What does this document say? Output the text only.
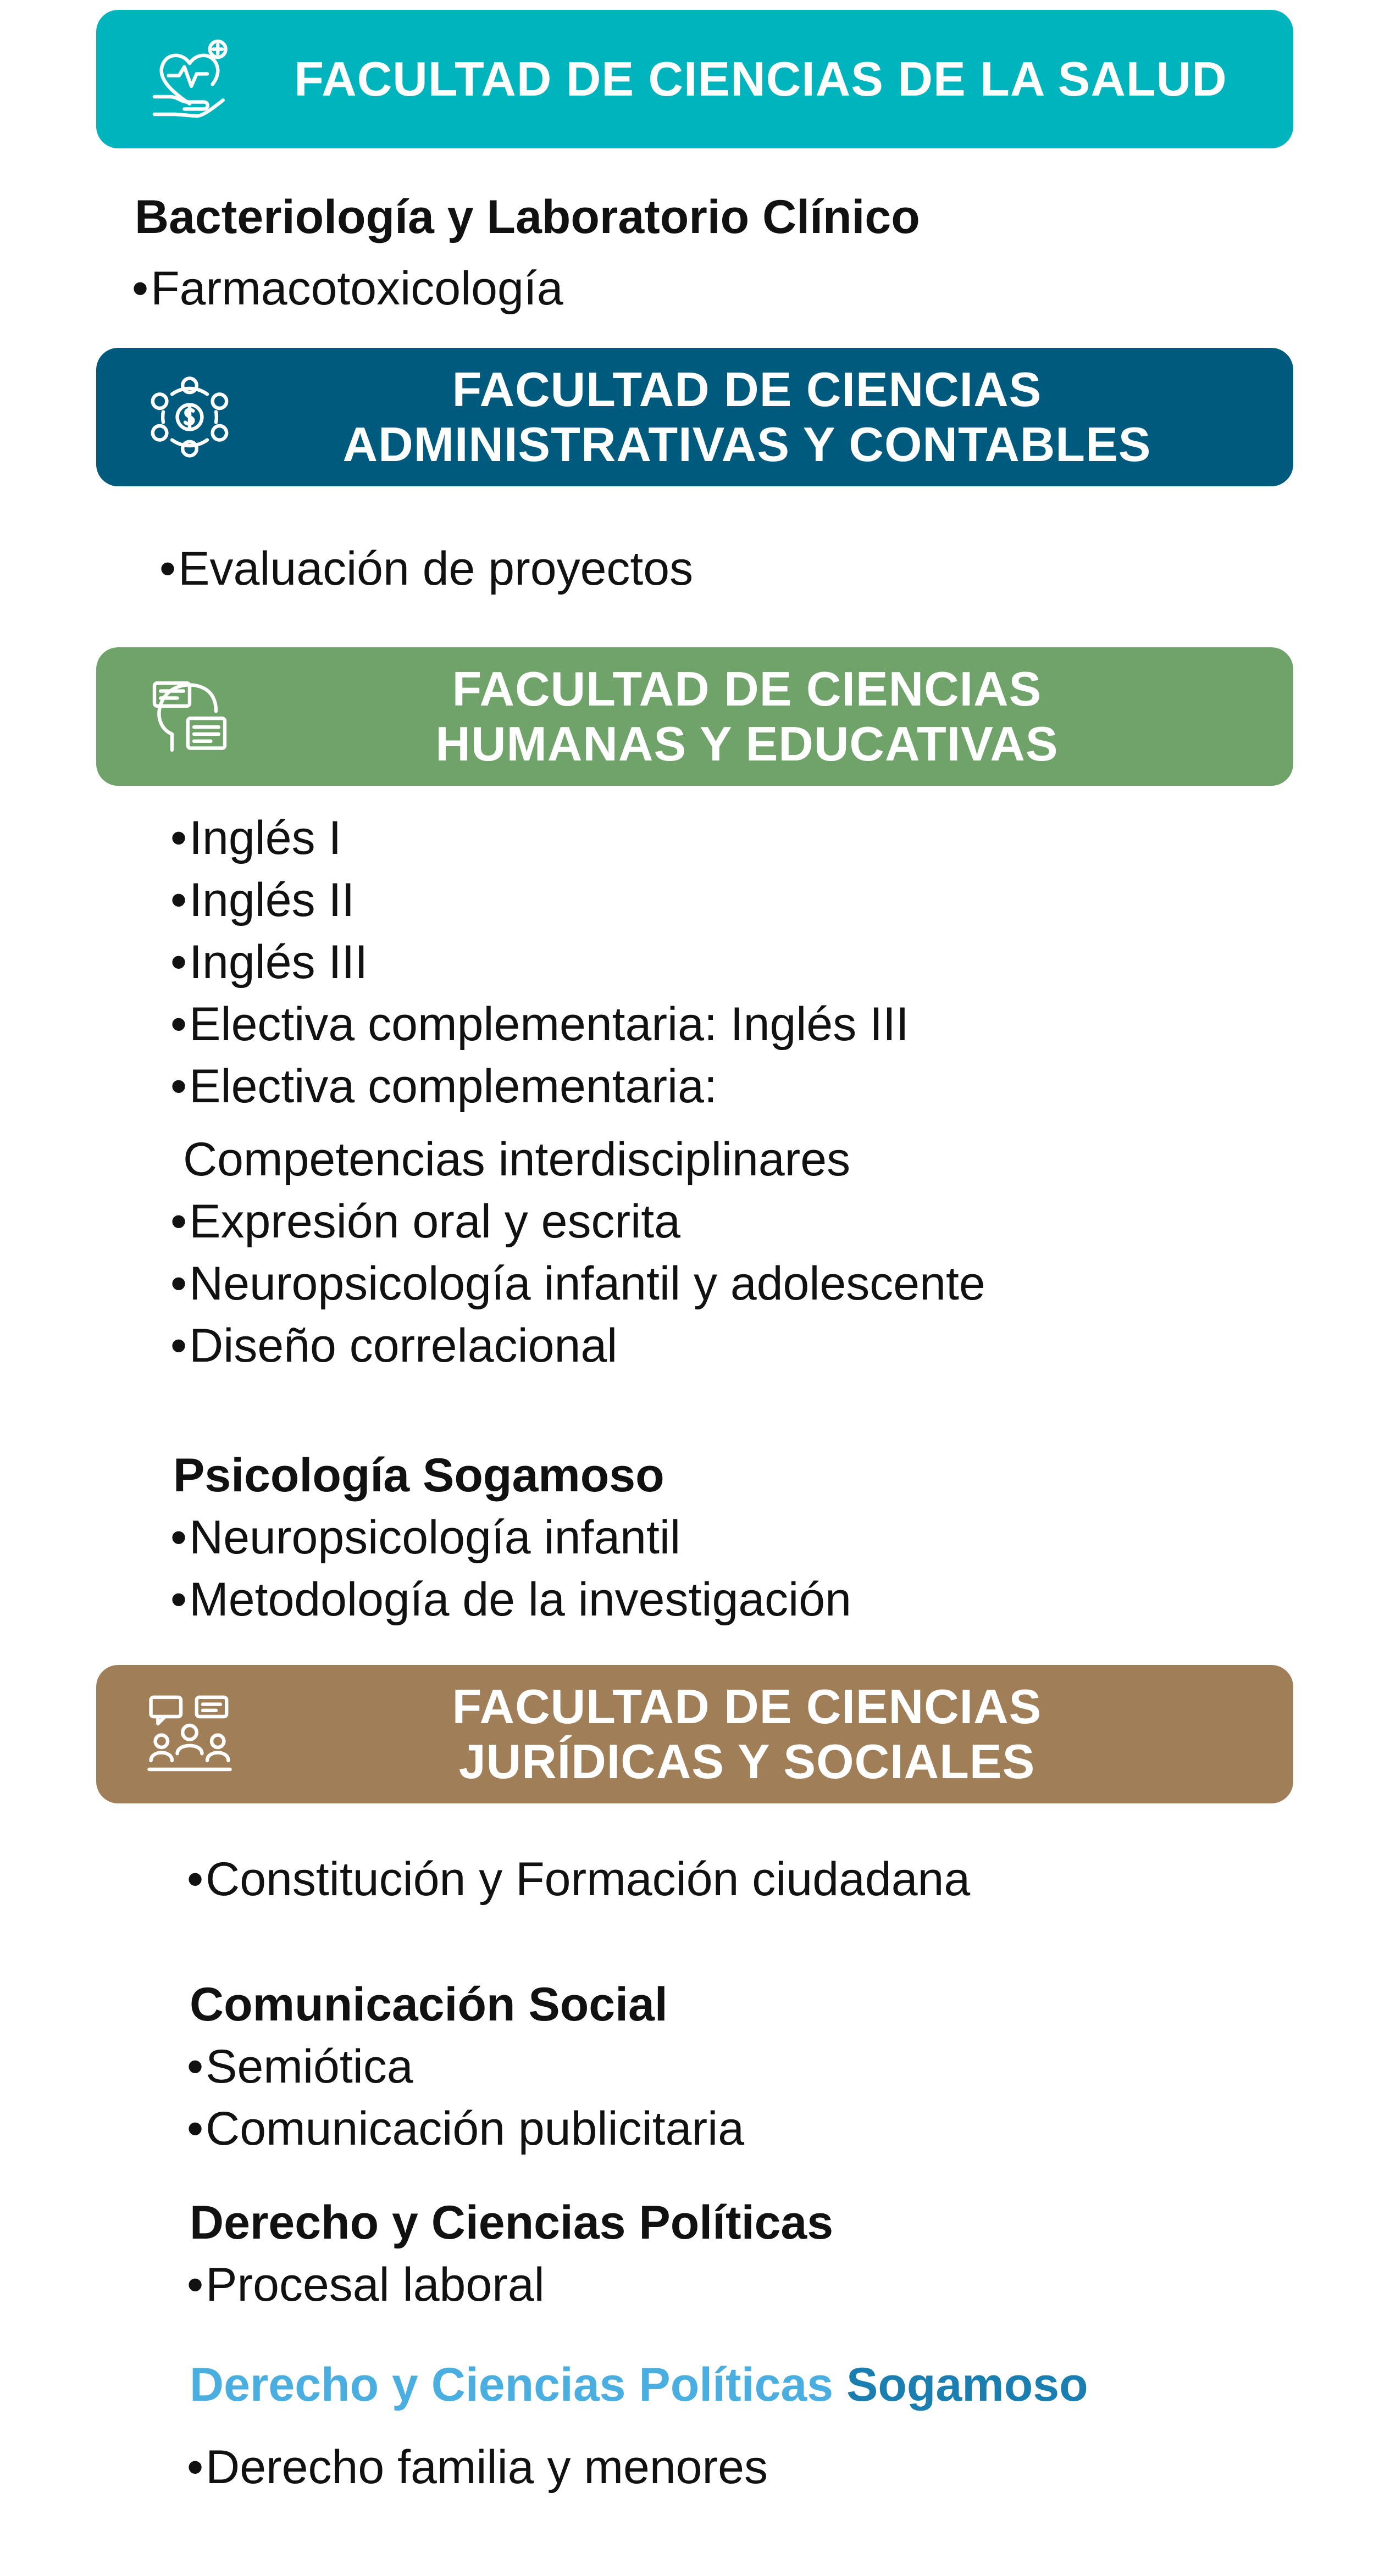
FACULTAD DE CIENCIAS DE LA SALUD
Bacteriología y Laboratorio Clínico
• Farmacotoxicología
FACULTAD DE CIENCIAS
ADMINISTRATIVAS Y CONTABLES
• Evaluación de proyectos
FACULTAD DE CIENCIAS
HUMANAS Y EDUCATIVAS
• Inglés I
• Inglés II
• Inglés III
• Electiva complementaria: Inglés III
• Electiva complementaria:
Competencias interdisciplinares
• Expresión oral y escrita
• Neuropsicología infantil y adolescente
• Diseño correlacional
Psicología Sogamoso
• Neuropsicología infantil
• Metodología de la investigación
FACULTAD DE CIENCIAS
JURÍDICAS Y SOCIALES
• Constitución y Formación ciudadana
Comunicación Social
• Semiótica
• Comunicación publicitaria
Derecho y Ciencias Políticas
• Procesal laboral
Derecho y Ciencias Políticas Sogamoso
• Derecho familia y menores
